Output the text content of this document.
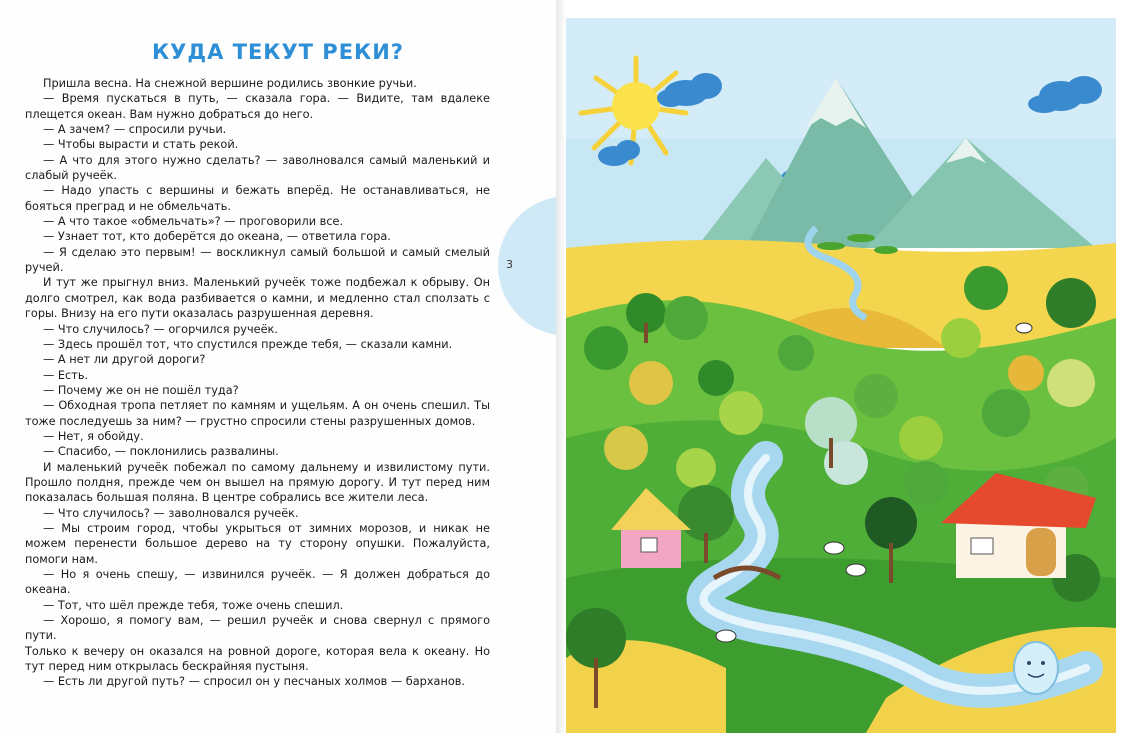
КУДА ТЕКУТ РЕКИ?

Пришла весна. На снежной вершине родились звонкие ручьи.

— Время пускаться в путь, — сказала гора. — Видите, там вдалеке плещется океан. Вам нужно добраться до него.

— А зачем? — спросили ручьи.

— Чтобы вырасти и стать рекой.

— А что для этого нужно сделать? — заволновался самый маленький и слабый ручеёк.

— Надо упасть с вершины и бежать вперёд. Не останавливаться, не бояться преград и не обмельчать.

— А что такое «обмельчать»? — проговорили все.

— Узнает тот, кто доберётся до океана, — ответила гора.

— Я сделаю это первым! — воскликнул самый большой и самый смелый ручей.

И тут же прыгнул вниз. Маленький ручеёк тоже подбежал к обрыву. Он долго смотрел, как вода разбивается о камни, и медленно стал сползать с горы. Внизу на его пути оказалась разрушенная деревня.

— Что случилось? — огорчился ручеёк.

— Здесь прошёл тот, что спустился прежде тебя, — сказали камни.

— А нет ли другой дороги?

— Есть.

— Почему же он не пошёл туда?

— Обходная тропа петляет по камням и ущельям. А он очень спешил. Ты тоже последуешь за ним? — грустно спросили стены разрушенных домов.

— Нет, я обойду.

— Спасибо, — поклонились развалины.

И маленький ручеёк побежал по самому дальнему и извилистому пути. Прошло полдня, прежде чем он вышел на прямую дорогу. И тут перед ним показалась большая поляна. В центре собрались все жители леса.

— Что случилось? — заволновался ручеёк.

— Мы строим город, чтобы укрыться от зимних морозов, и никак не можем перенести большое дерево на ту сторону опушки. Пожалуйста, помоги нам.

— Но я очень спешу, — извинился ручеёк. — Я должен добраться до океана.

— Тот, что шёл прежде тебя, тоже очень спешил.

— Хорошо, я помогу вам, — решил ручеёк и снова свернул с прямого пути.

Только к вечеру он оказался на ровной дороге, которая вела к океану. Но тут перед ним открылась бескрайняя пустыня.

— Есть ли другой путь? — спросил он у песчаных холмов — барханов.

3
